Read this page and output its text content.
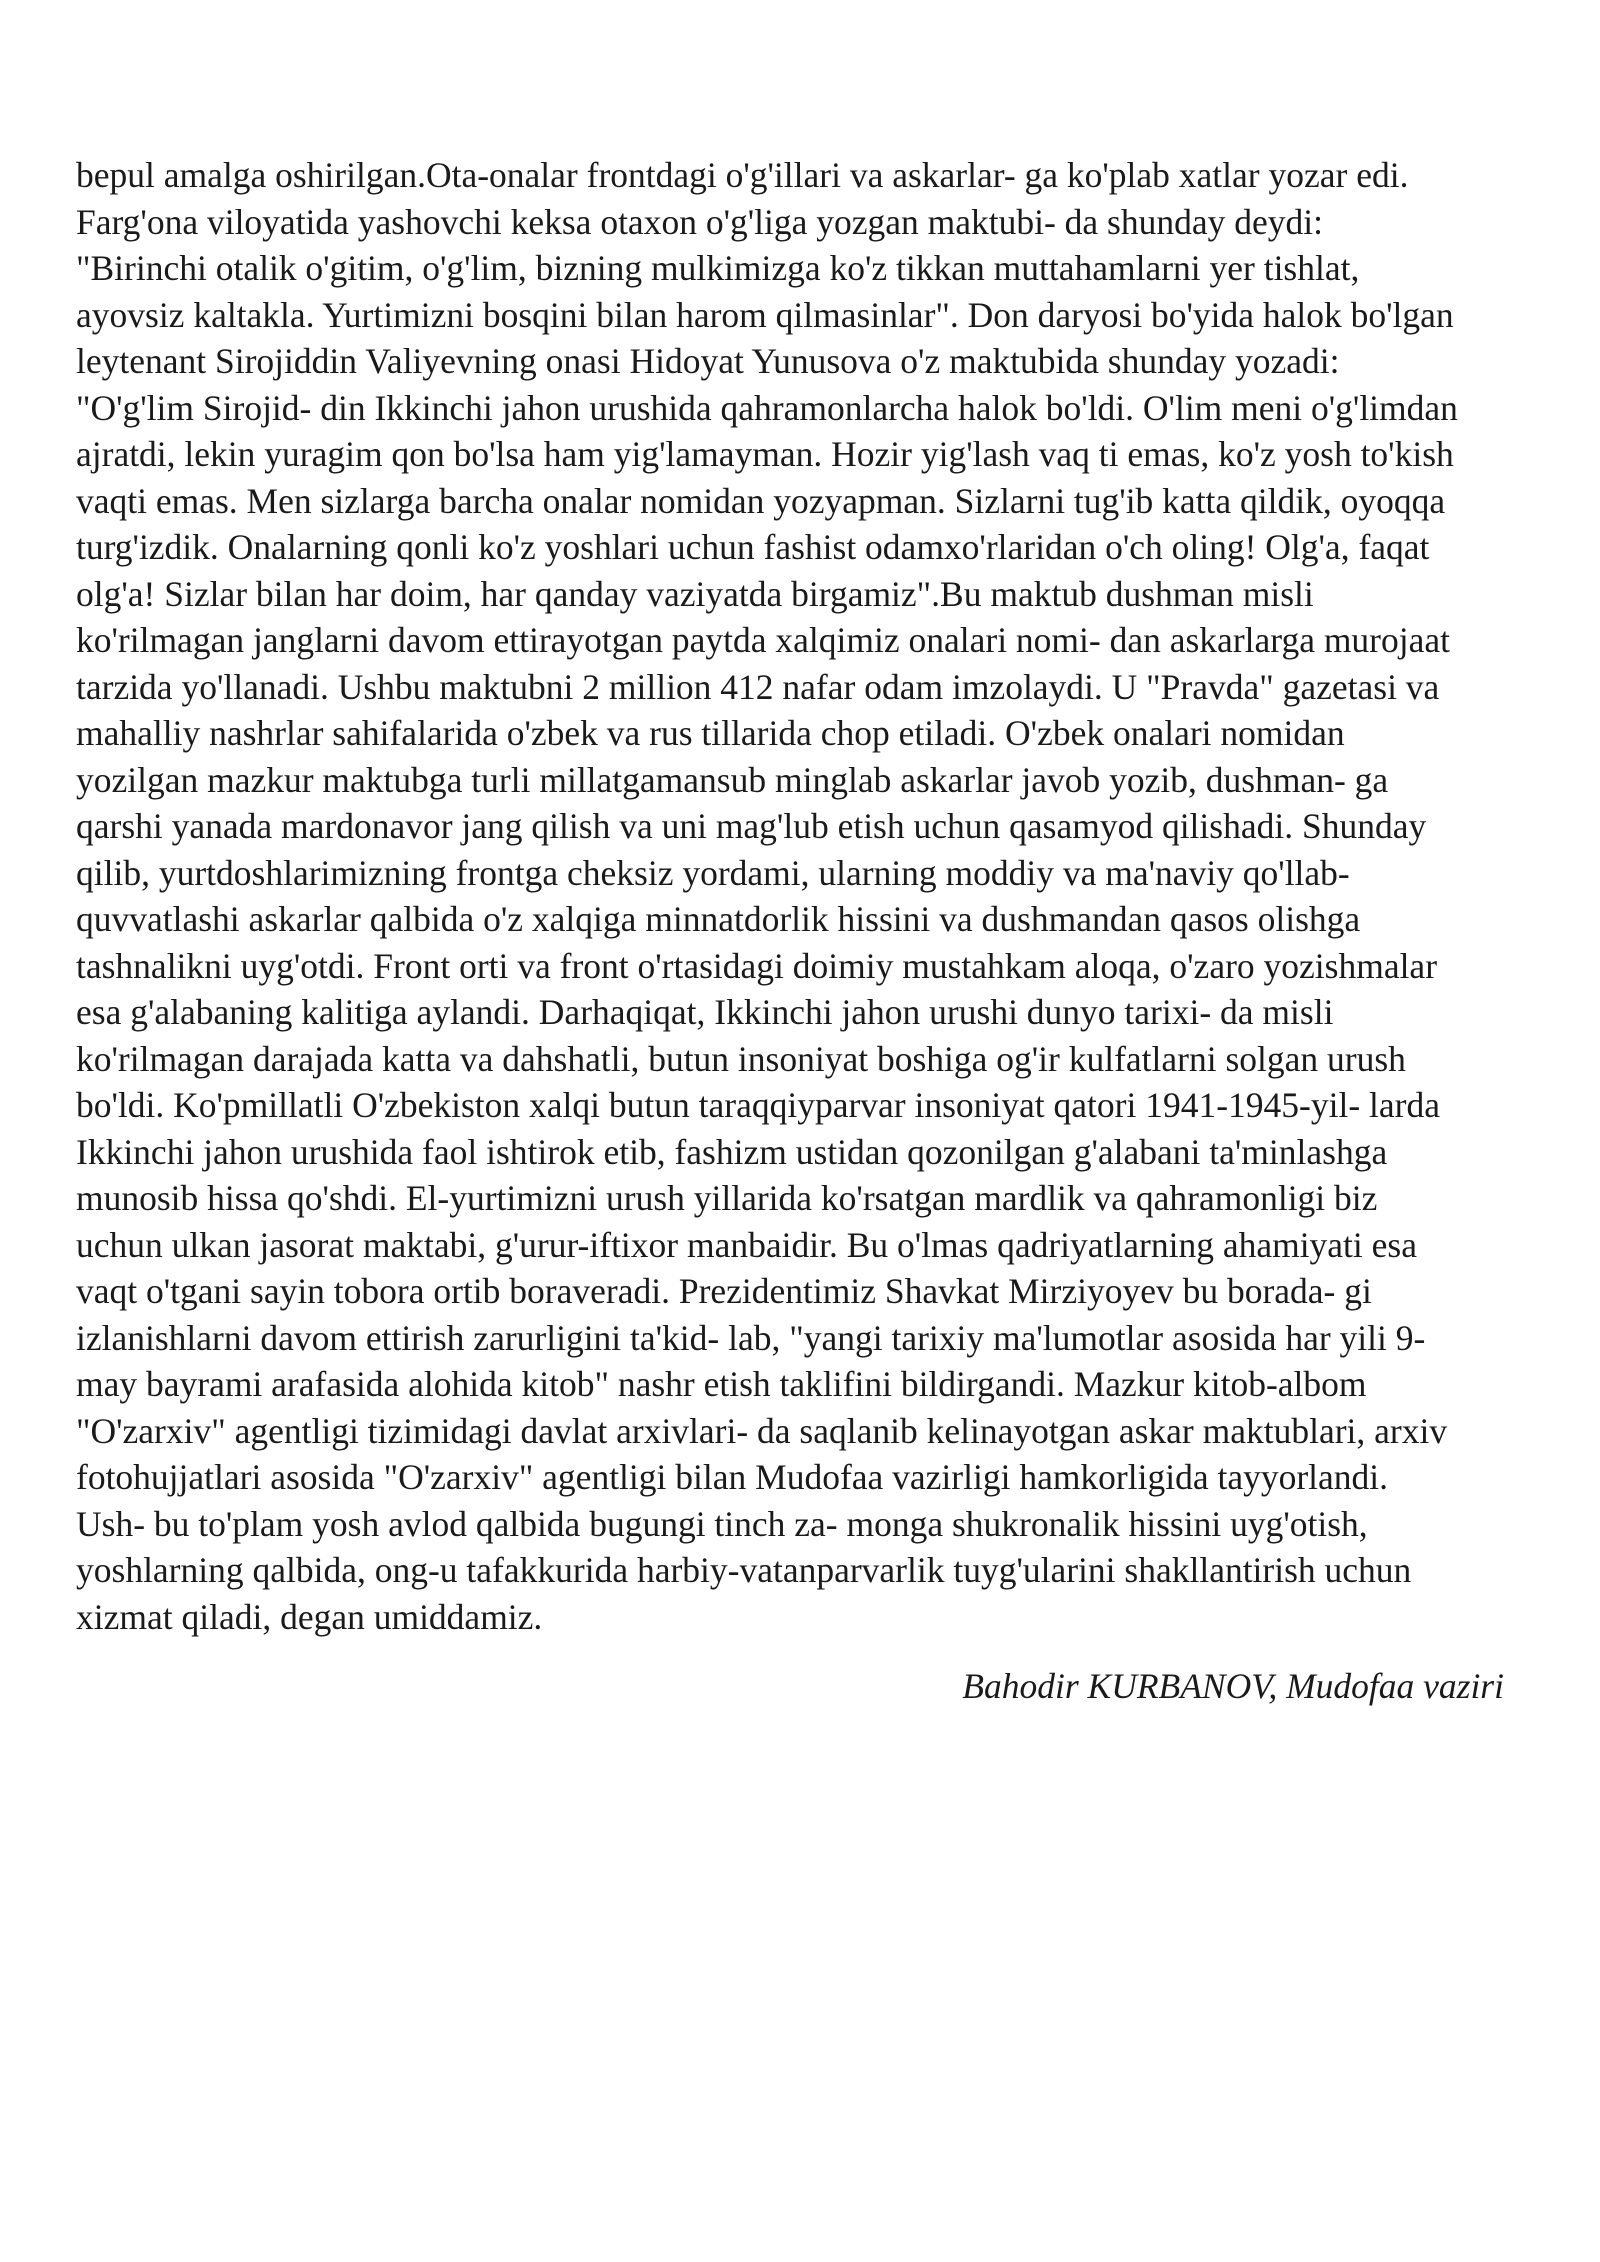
bepul amalga oshirilgan.Ota-onalar frontdagi o'g'illari va askarlar- ga ko'plab xatlar yozar edi.
Farg'ona viloyatida yashovchi keksa otaxon o'g'liga yozgan maktubi- da shunday deydi:
"Birinchi otalik o'gitim, o'g'lim, bizning mulkimizga ko'z tikkan muttahamlarni yer tishlat,
ayovsiz kaltakla. Yurtimizni bosqini bilan harom qilmasinlar". Don daryosi bo'yida halok bo'lgan
leytenant Sirojiddin Valiyevning onasi Hidoyat Yunusova o'z maktubida shunday yozadi:
"O'g'lim Sirojid- din Ikkinchi jahon urushida qahramonlarcha halok bo'ldi. O'lim meni o'g'limdan
ajratdi, lekin yuragim qon bo'lsa ham yig'lamayman. Hozir yig'lash vaq ti emas, ko'z yosh to'kish
vaqti emas. Men sizlarga barcha onalar nomidan yozyapman. Sizlarni tug'ib katta qildik, oyoqqa
turg'izdik. Onalarning qonli ko'z yoshlari uchun fashist odamxo'rlaridan o'ch oling! Olg'a, faqat
olg'a! Sizlar bilan har doim, har qanday vaziyatda birgamiz".Bu maktub dushman misli
ko'rilmagan janglarni davom ettirayotgan paytda xalqimiz onalari nomi- dan askarlarga murojaat
tarzida yo'llanadi. Ushbu maktubni 2 million 412 nafar odam imzolaydi. U "Pravda" gazetasi va
mahalliy nashrlar sahifalarida o'zbek va rus tillarida chop etiladi. O'zbek onalari nomidan
yozilgan mazkur maktubga turli millatgamansub minglab askarlar javob yozib, dushman- ga
qarshi yanada mardonavor jang qilish va uni mag'lub etish uchun qasamyod qilishadi. Shunday
qilib, yurtdoshlarimizning frontga cheksiz yordami, ularning moddiy va ma'naviy qo'llab-
quvvatlashi askarlar qalbida o'z xalqiga minnatdorlik hissini va dushmandan qasos olishga
tashnalikni uyg'otdi. Front orti va front o'rtasidagi doimiy mustahkam aloqa, o'zaro yozishmalar
esa g'alabaning kalitiga aylandi. Darhaqiqat, Ikkinchi jahon urushi dunyo tarixi- da misli
ko'rilmagan darajada katta va dahshatli, butun insoniyat boshiga og'ir kulfatlarni solgan urush
bo'ldi. Ko'pmillatli O'zbekiston xalqi butun taraqqiyparvar insoniyat qatori 1941-1945-yil- larda
Ikkinchi jahon urushida faol ishtirok etib, fashizm ustidan qozonilgan g'alabani ta'minlashga
munosib hissa qo'shdi. El-yurtimizni urush yillarida ko'rsatgan mardlik va qahramonligi biz
uchun ulkan jasorat maktabi, g'urur-iftixor manbaidir. Bu o'lmas qadriyatlarning ahamiyati esa
vaqt o'tgani sayin tobora ortib boraveradi. Prezidentimiz Shavkat Mirziyoyev bu borada- gi
izlanishlarni davom ettirish zarurligini ta'kid- lab, "yangi tarixiy ma'lumotlar asosida har yili 9-
may bayrami arafasida alohida kitob" nashr etish taklifini bildirgandi. Mazkur kitob-albom
"O'zarxiv" agentligi tizimidagi davlat arxivlari- da saqlanib kelinayotgan askar maktublari, arxiv
fotohujjatlari asosida "O'zarxiv" agentligi bilan Mudofaa vazirligi hamkorligida tayyorlandi.
Ush- bu to'plam yosh avlod qalbida bugungi tinch za- monga shukronalik hissini uyg'otish,
yoshlarning qalbida, ong-u tafakkurida harbiy-vatanparvarlik tuyg'ularini shakllantirish uchun
xizmat qiladi, degan umiddamiz.

Bahodir KURBANOV, Mudofaa vaziri
